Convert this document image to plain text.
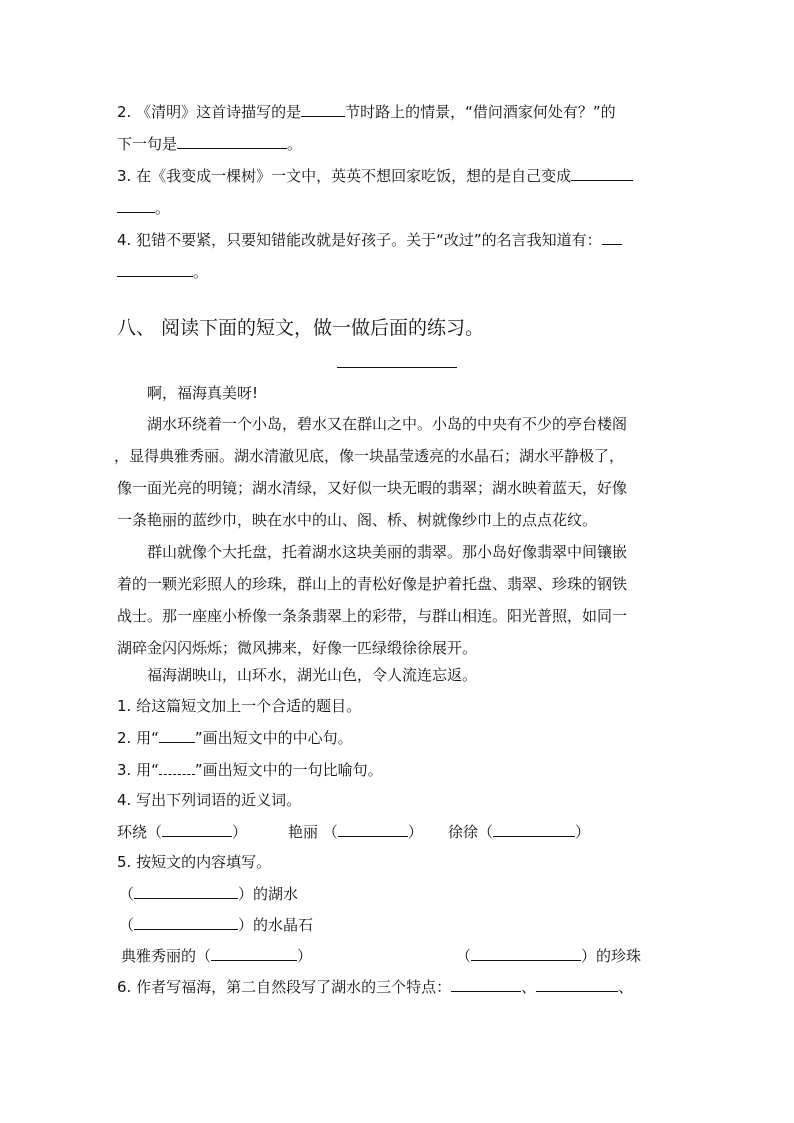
2. 《清明》这首诗描写的是	节时路上的情景，“借问酒家何处有？”的
下一句是	。
3. 在《我变成一棵树》一文中，英英不想回家吃饭，想的是自己变成
。
4. 犯错不要紧，只要知错能改就是好孩子。关于“改过”的名言我知道有：
。
八、 阅读下面的短文，做一做后面的练习。
啊，福海真美呀!
湖水环绕着一个小岛，碧水又在群山之中。小岛的中央有不少的亭台楼阁
，显得典雅秀丽。湖水清澈见底，像一块晶莹透亮的水晶石；湖水平静极了，
像一面光亮的明镜；湖水清绿，又好似一块无暇的翡翠；湖水映着蓝天，好像
一条艳丽的蓝纱巾，映在水中的山、阁、桥、树就像纱巾上的点点花纹。
群山就像个大托盘，托着湖水这块美丽的翡翠。那小岛好像翡翠中间镶嵌
着的一颗光彩照人的珍珠，群山上的青松好像是护着托盘、翡翠、珍珠的钢铁
战士。那一座座小桥像一条条翡翠上的彩带，与群山相连。阳光普照，如同一
湖碎金闪闪烁烁；微风拂来，好像一匹绿缎徐徐展开。
福海湖映山，山环水，湖光山色，令人流连忘返。
1. 给这篇短文加上一个合适的题目。
2. 用“ ”画出短文中的中心句。
3. 用“ ”画出短文中的一句比喻句。
4. 写出下列词语的近义词。
环绕（	）	艳丽 （	） 徐徐（	）
5. 按短文的内容填写。
（	）的湖水
（	）的水晶石
典雅秀丽的（	）	（	）的珍珠
6. 作者写福海，第二自然段写了湖水的三个特点：	、	、
